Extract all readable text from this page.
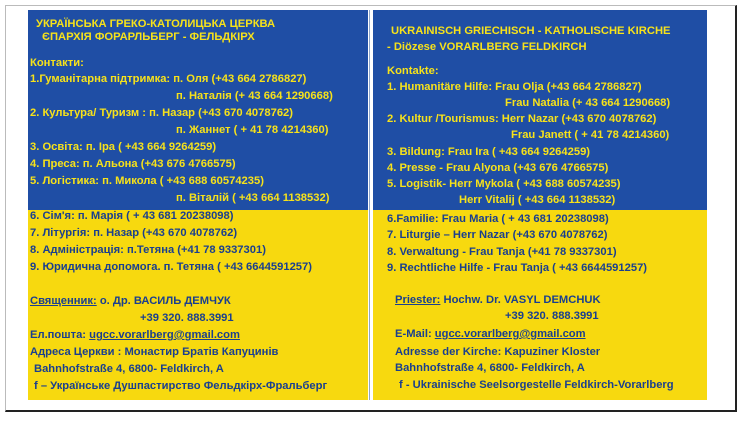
УКРАЇНСЬКА ГРЕКО-КАТОЛИЦЬКА ЦЕРКВА
ЄПАРХІЯ ФОРАРЛЬБЕРГ - ФЕЛЬДКІРХ
Контакти:
1.Гуманітарна підтримка: п. Оля (+43 664 2786827)
п. Наталія (+ 43 664 1290668)
2. Культура/ Туризм : п. Назар (+43 670 4078762)
п. Жаннет ( + 41 78 4214360)
3. Освіта: п. Іра ( +43 664 9264259)
4. Преса: п. Альона (+43 676 4766575)
5. Логістика: п. Микола ( +43 688 60574235)
п. Віталій ( +43 664 1138532)
6. Сім'я: п. Марія ( + 43 681 20238098)
7. Літургія: п. Назар (+43 670 4078762)
8. Адміністрація: п.Тетяна (+41 78 9337301)
9. Юридична допомога. п. Тетяна ( +43 6644591257)
Священник: о. Др. ВАСИЛЬ ДЕМЧУК
+39 320. 888.3991
Ел.пошта: ugcc.vorarlberg@gmail.com
Адреса Церкви : Монастир Братів Капуцинів
Bahnhofstraße 4, 6800- Feldkirch, A
f – Українське Душпастирство Фельдкірх-Фральберг
UKRAINISCH GRIECHISCH - KATHOLISCHE KIRCHE
- Diözese VORARLBERG FELDKIRCH
Kontakte:
1. Humanitäre Hilfe: Frau Olja (+43 664 2786827)
Frau Natalia (+ 43 664 1290668)
2. Kultur /Tourismus: Herr Nazar (+43 670 4078762)
Frau Janett ( + 41 78 4214360)
3. Bildung: Frau Ira ( +43 664 9264259)
4. Presse - Frau Alyona (+43 676 4766575)
5. Logistik- Herr Mykola ( +43 688 60574235)
Herr Vitalij ( +43 664 1138532)
6.Familie: Frau Maria ( + 43 681 20238098)
7. Liturgie – Herr Nazar (+43 670 4078762)
8. Verwaltung - Frau Tanja (+41 78 9337301)
9. Rechtliche Hilfe - Frau Tanja ( +43 6644591257)
Priester: Hochw. Dr. VASYL DEMCHUK
+39 320. 888.3991
E-Mail: ugcc.vorarlberg@gmail.com
Adresse der Kirche: Kapuziner Kloster
Bahnhofstraße 4, 6800- Feldkirch, A
f - Ukrainische Seelsorgestelle Feldkirch-Vorarlberg
